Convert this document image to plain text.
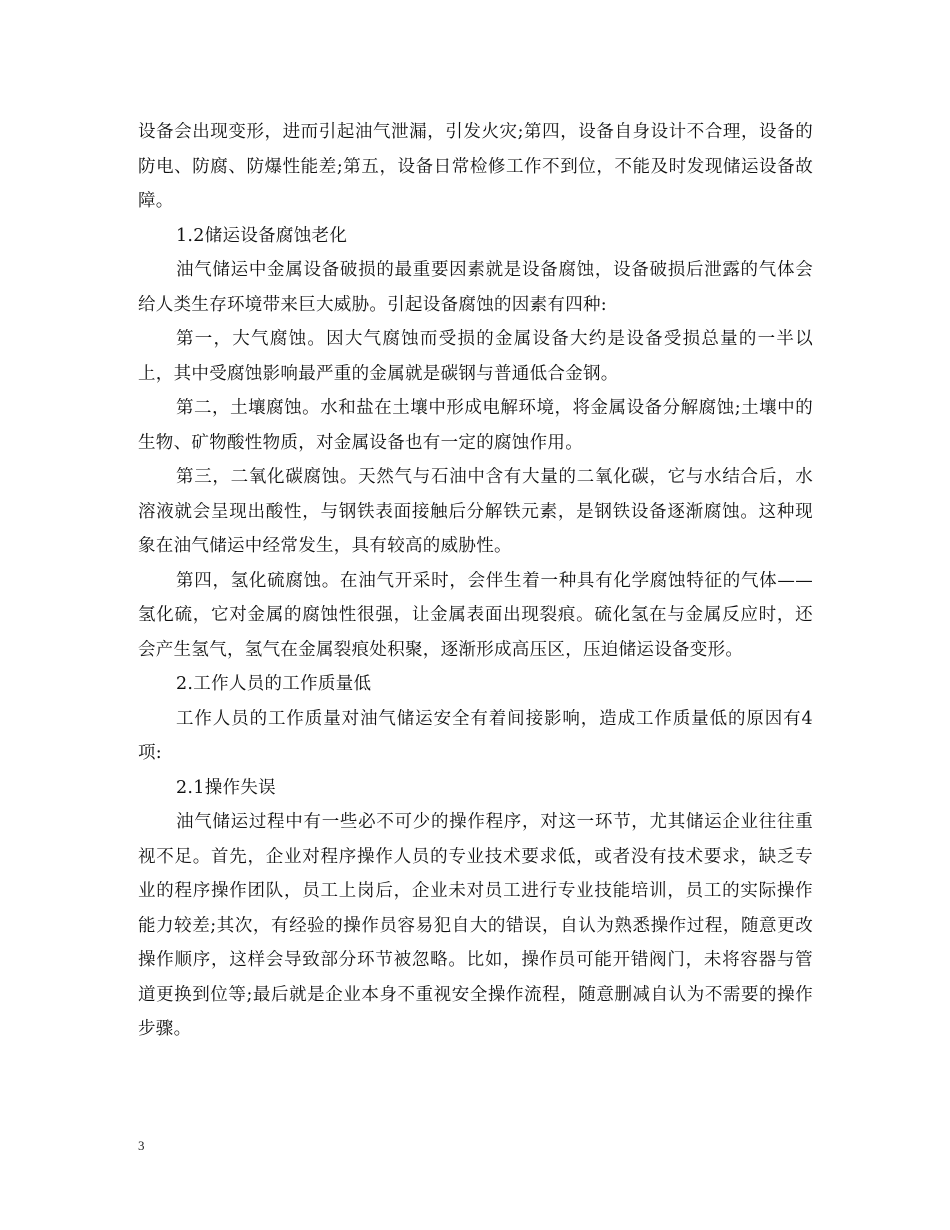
设备会出现变形，进而引起油气泄漏，引发火灾;第四，设备自身设计不合理，设备的防电、防腐、防爆性能差;第五，设备日常检修工作不到位，不能及时发现储运设备故障。

1.2储运设备腐蚀老化

油气储运中金属设备破损的最重要因素就是设备腐蚀，设备破损后泄露的气体会给人类生存环境带来巨大威胁。引起设备腐蚀的因素有四种:

第一，大气腐蚀。因大气腐蚀而受损的金属设备大约是设备受损总量的一半以上，其中受腐蚀影响最严重的金属就是碳钢与普通低合金钢。

第二，土壤腐蚀。水和盐在土壤中形成电解环境，将金属设备分解腐蚀;土壤中的生物、矿物酸性物质，对金属设备也有一定的腐蚀作用。

第三，二氧化碳腐蚀。天然气与石油中含有大量的二氧化碳，它与水结合后，水溶液就会呈现出酸性，与钢铁表面接触后分解铁元素，是钢铁设备逐渐腐蚀。这种现象在油气储运中经常发生，具有较高的威胁性。

第四，氢化硫腐蚀。在油气开采时，会伴生着一种具有化学腐蚀特征的气体——氢化硫，它对金属的腐蚀性很强，让金属表面出现裂痕。硫化氢在与金属反应时，还会产生氢气，氢气在金属裂痕处积聚，逐渐形成高压区，压迫储运设备变形。

2.工作人员的工作质量低

工作人员的工作质量对油气储运安全有着间接影响，造成工作质量低的原因有4项:

2.1操作失误

油气储运过程中有一些必不可少的操作程序，对这一环节，尤其储运企业往往重视不足。首先，企业对程序操作人员的专业技术要求低，或者没有技术要求，缺乏专业的程序操作团队，员工上岗后，企业未对员工进行专业技能培训，员工的实际操作能力较差;其次，有经验的操作员容易犯自大的错误，自认为熟悉操作过程，随意更改操作顺序，这样会导致部分环节被忽略。比如，操作员可能开错阀门，未将容器与管道更换到位等;最后就是企业本身不重视安全操作流程，随意删减自认为不需要的操作步骤。

3
